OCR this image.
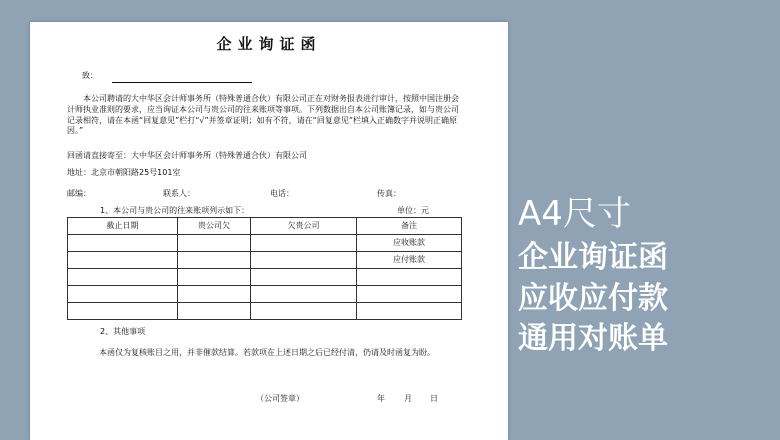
企业询证函
致：
本公司聘请的大中华区会计师事务所（特殊普通合伙）有限公司正在对财务报表进行审计，按照中国注册会计师执业准则的要求，应当询证本公司与贵公司的往来账项等事项。下列数据出自本公司账簿记录，如与贵公司记录相符，请在本函“回复意见”栏打“√”并签章证明；如有不符，请在“回复意见”栏填入正确数字并说明正确原因。”
回函请直接寄至：大中华区会计师事务所（特殊普通合伙）有限公司
地址：北京市朝阳路25号101室
邮编：	联系人：	电话：	传真：
1、本公司与贵公司的往来账项列示如下：	单位：元
截止日期	贵公司欠	欠贵公司	备注
			应收账款
			应付账款

2、其他事项
本函仅为复核账目之用，并非催款结算。若款项在上述日期之后已经付清，仍请及时函复为盼。
（公司签章）	年 月 日
A4尺寸
企业询证函
应收应付款
通用对账单
